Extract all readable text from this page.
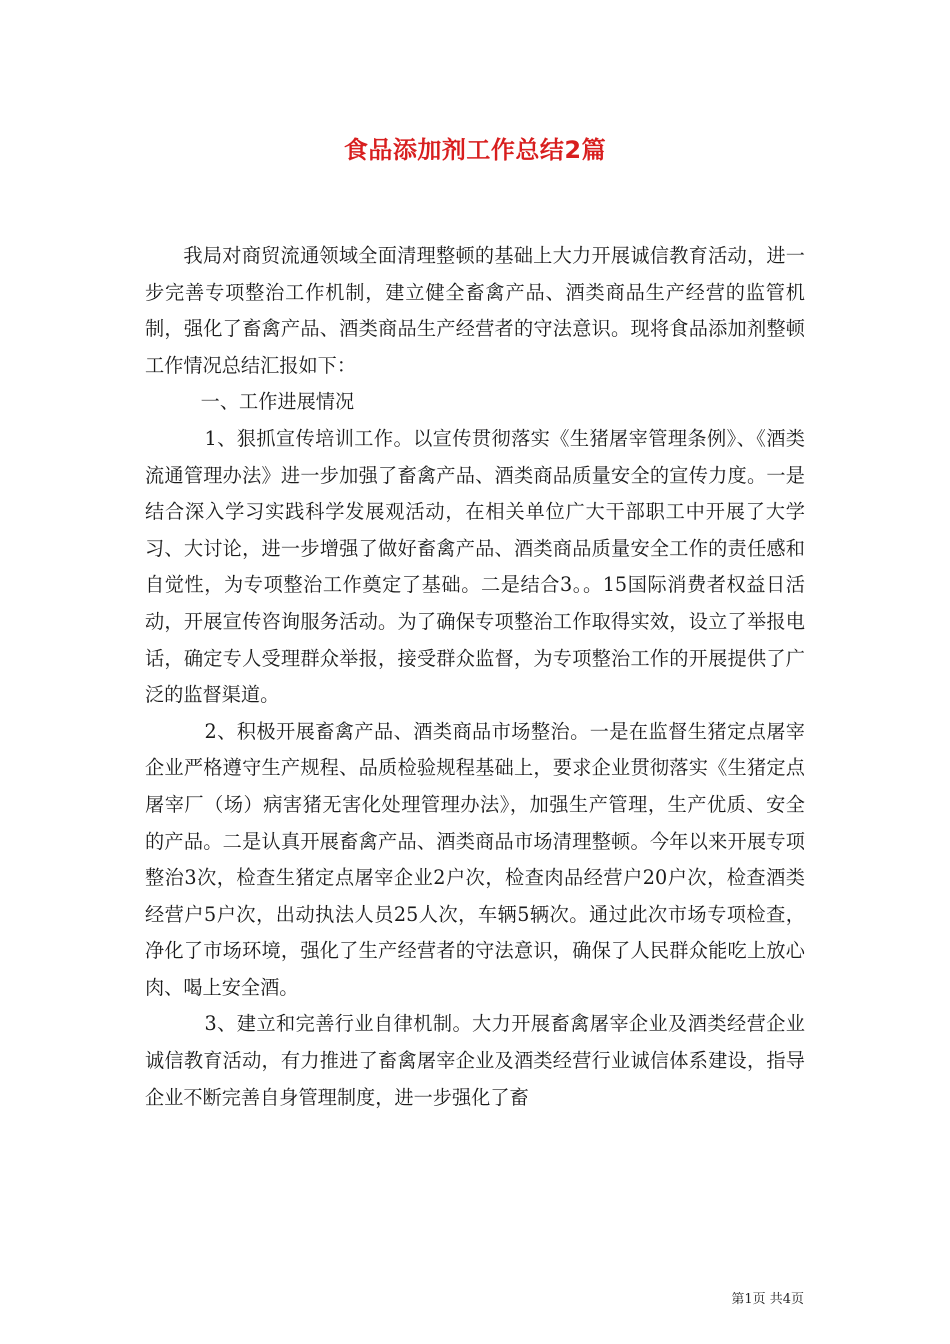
食品添加剂工作总结2篇

我局对商贸流通领域全面清理整顿的基础上大力开展诚信教育活动，进一步完善专项整治工作机制，建立健全畜禽产品、酒类商品生产经营的监管机制，强化了畜禽产品、酒类商品生产经营者的守法意识。现将食品添加剂整顿工作情况总结汇报如下：

一、工作进展情况

1、狠抓宣传培训工作。以宣传贯彻落实《生猪屠宰管理条例》、《酒类流通管理办法》进一步加强了畜禽产品、酒类商品质量安全的宣传力度。一是结合深入学习实践科学发展观活动，在相关单位广大干部职工中开展了大学习、大讨论，进一步增强了做好畜禽产品、酒类商品质量安全工作的责任感和自觉性，为专项整治工作奠定了基础。二是结合3。。15国际消费者权益日活动，开展宣传咨询服务活动。为了确保专项整治工作取得实效，设立了举报电话，确定专人受理群众举报，接受群众监督，为专项整治工作的开展提供了广泛的监督渠道。

2、积极开展畜禽产品、酒类商品市场整治。一是在监督生猪定点屠宰企业严格遵守生产规程、品质检验规程基础上，要求企业贯彻落实《生猪定点屠宰厂（场）病害猪无害化处理管理办法》，加强生产管理，生产优质、安全的产品。二是认真开展畜禽产品、酒类商品市场清理整顿。今年以来开展专项整治3次，检查生猪定点屠宰企业2户次，检查肉品经营户20户次，检查酒类经营户5户次，出动执法人员25人次，车辆5辆次。通过此次市场专项检查，净化了市场环境，强化了生产经营者的守法意识，确保了人民群众能吃上放心肉、喝上安全酒。

3、建立和完善行业自律机制。大力开展畜禽屠宰企业及酒类经营企业诚信教育活动，有力推进了畜禽屠宰企业及酒类经营行业诚信体系建设，指导企业不断完善自身管理制度，进一步强化了畜

第1页 共4页
